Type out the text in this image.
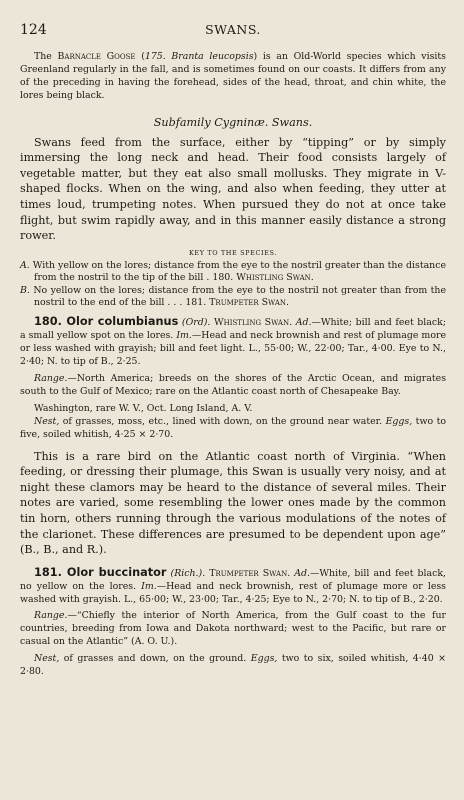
124	SWANS.

The Barnacle Goose (175. Branta leucopsis) is an Old-World species which visits Greenland regularly in the fall, and is sometimes found on our coasts. It differs from any of the preceding in having the forehead, sides of the head, throat, and chin white, the lores being black.

Subfamily Cygninæ. Swans.

Swans feed from the surface, either by “tipping” or by simply immersing the long neck and head. Their food consists largely of vegetable matter, but they eat also small mollusks. They migrate in V-shaped flocks. When on the wing, and also when feeding, they utter at times loud, trumpeting notes. When pursued they do not at once take flight, but swim rapidly away, and in this manner easily distance a strong rower.

KEY TO THE SPECIES.

A. With yellow on the lores; distance from the eye to the nostril greater than the distance from the nostril to the tip of the bill . 180. Whistling Swan.

B. No yellow on the lores; distance from the eye to the nostril not greater than from the nostril to the end of the bill . . . 181. Trumpeter Swan.

180. Olor columbianus (Ord). Whistling Swan. Ad.—White; bill and feet black; a small yellow spot on the lores. Im.—Head and neck brownish and rest of plumage more or less washed with grayish; bill and feet light. L., 55·00; W., 22·00; Tar., 4·00. Eye to N., 2·40; N. to tip of B., 2·25.

Range.—North America; breeds on the shores of the Arctic Ocean, and migrates south to the Gulf of Mexico; rare on the Atlantic coast north of Chesapeake Bay.

Washington, rare W. V., Oct. Long Island, A. V.

Nest, of grasses, moss, etc., lined with down, on the ground near water. Eggs, two to five, soiled whitish, 4·25 × 2·70.

This is a rare bird on the Atlantic coast north of Virginia. “When feeding, or dressing their plumage, this Swan is usually very noisy, and at night these clamors may be heard to the distance of several miles. Their notes are varied, some resembling the lower ones made by the common tin horn, others running through the various modulations of the notes of the clarionet. These differences are presumed to be dependent upon age” (B., B., and R.).

181. Olor buccinator (Rich.). Trumpeter Swan. Ad.—White, bill and feet black, no yellow on the lores. Im.—Head and neck brownish, rest of plumage more or less washed with grayish. L., 65·00; W., 23·00; Tar., 4·25; Eye to N., 2·70; N. to tip of B., 2·20.

Range.—“Chiefly the interior of North America, from the Gulf coast to the fur countries, breeding from Iowa and Dakota northward; west to the Pacific, but rare or casual on the Atlantic” (A. O. U.).

Nest, of grasses and down, on the ground. Eggs, two to six, soiled whitish, 4·40 × 2·80.
